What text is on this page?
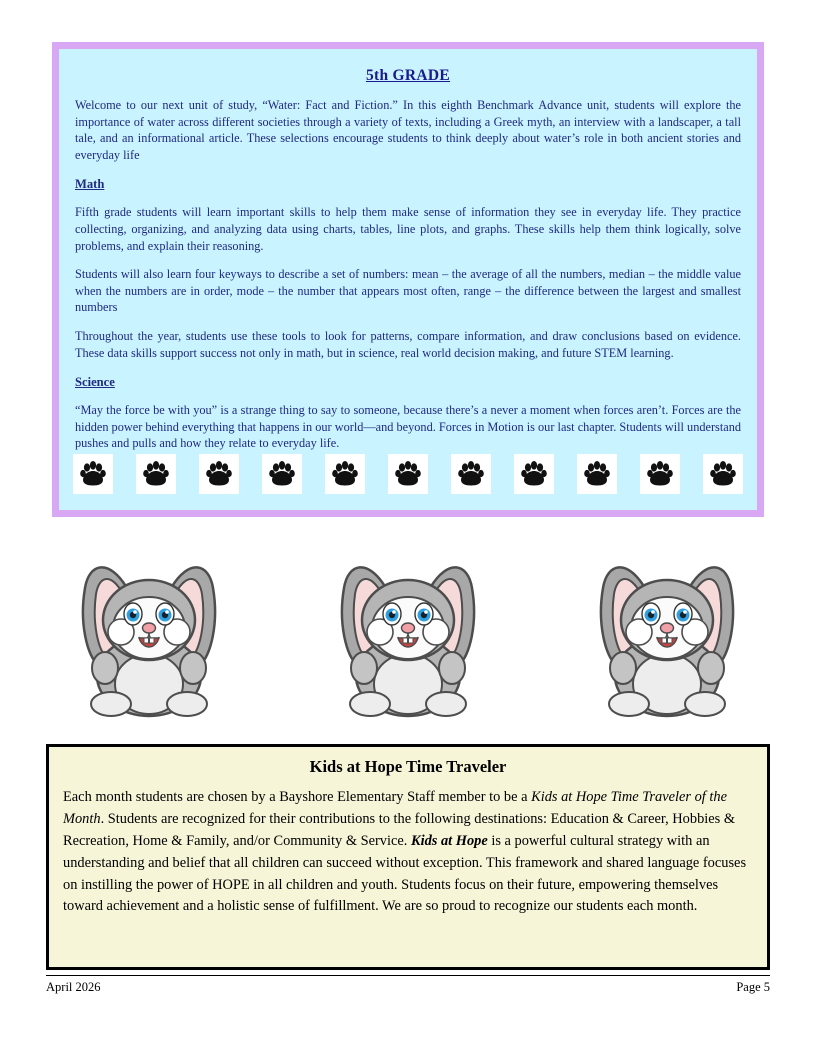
5th GRADE
Welcome to our next unit of study, “Water: Fact and Fiction.” In this eighth Benchmark Advance unit, students will explore the importance of water across different societies through a variety of texts, including a Greek myth, an interview with a landscaper, a tall tale, and an informational article. These selections encourage students to think deeply about water’s role in both ancient stories and everyday life
Math
Fifth grade students will learn important skills to help them make sense of information they see in everyday life. They practice collecting, organizing, and analyzing data using charts, tables, line plots, and graphs. These skills help them think logically, solve problems, and explain their reasoning.
Students will also learn four keyways to describe a set of numbers: mean – the average of all the numbers, median – the middle value when the numbers are in order, mode – the number that appears most often, range – the difference between the largest and smallest numbers
Throughout the year, students use these tools to look for patterns, compare information, and draw conclusions based on evidence. These data skills support success not only in math, but in science, real world decision making, and future STEM learning.
Science
“May the force be with you” is a strange thing to say to someone, because there’s a never a moment when forces aren’t. Forces are the hidden power behind everything that happens in our world—and beyond. Forces in Motion is our last chapter. Students will understand pushes and pulls and how they relate to everyday life.
Kids at Hope Time Traveler
Each month students are chosen by a Bayshore Elementary Staff member to be a Kids at Hope Time Traveler of the Month. Students are recognized for their contributions to the following destinations: Education & Career, Hobbies & Recreation, Home & Family, and/or Community & Service. Kids at Hope is a powerful cultural strategy with an understanding and belief that all children can succeed without exception. This framework and shared language focuses on instilling the power of HOPE in all children and youth. Students focus on their future, empowering themselves toward achievement and a holistic sense of fulfillment. We are so proud to recognize our students each month.
April 2026	Page 5
